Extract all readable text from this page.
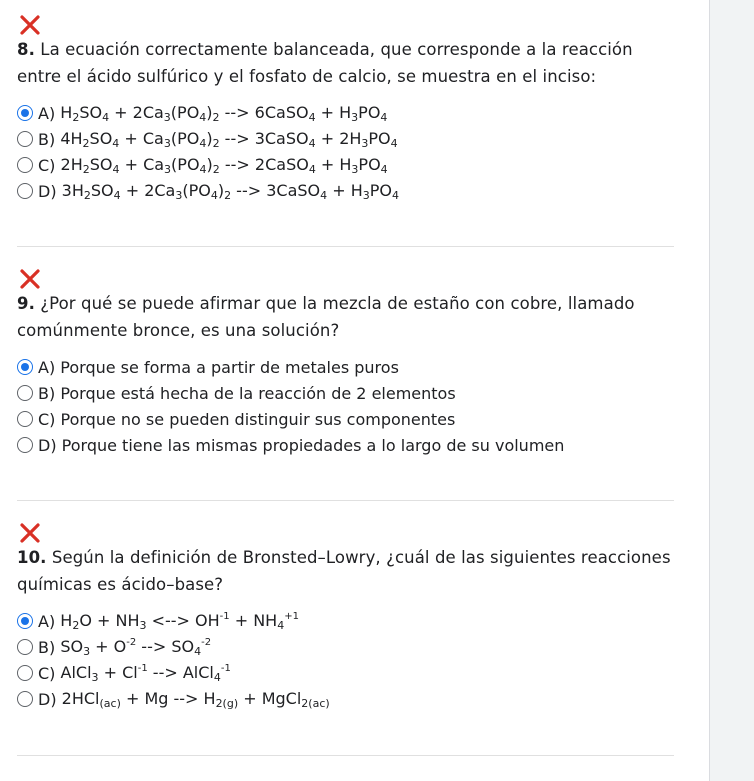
8. La ecuación correctamente balanceada, que corresponde a la reacción entre el ácido sulfúrico y el fosfato de calcio, se muestra en el inciso:

A)
$H_2SO_4 + 2Ca_3(PO_4)_2$ --> 6CaSO$_4$ + $H_3PO_4$
B)
$4H_2SO_4 + Ca_3(PO_4)_2$ --> 3CaSO$_4$ + $2H_3PO_4$
C)
$2H_2SO_4 + Ca_3(PO_4)_2$ --> 2CaSO$_4$ + $H_3PO_4$
D)
$3H_2SO_4 + 2Ca_3(PO_4)_2$ --> 3CaSO$_4$ + $H_3PO_4$

9. ¿Por qué se puede afirmar que la mezcla de estaño con cobre, llamado comúnmente bronce, es una solución?

A)
Porque se forma a partir de metales puros
B)
Porque está hecha de la reacción de 2 elementos
C)
Porque no se pueden distinguir sus componentes
D)
Porque tiene las mismas propiedades a lo largo de su volumen

10. Según la definición de Bronsted–Lowry, ¿cuál de las siguientes reacciones químicas es ácido–base?

A)
$H_2O + NH_3$ <--> $OH^{-1} + NH_4^{+1}$
B)
$SO_3 + O^{-2}$ --> $SO_4^{-2}$
C)
AlCl$_3$ + $Cl^{-1}$ --> AlCl$_4^{-1}$
D)
2HCl$_{(ac)}$ + Mg --> $H_{2(g)}$ + MgCl$_{2(ac)}$
